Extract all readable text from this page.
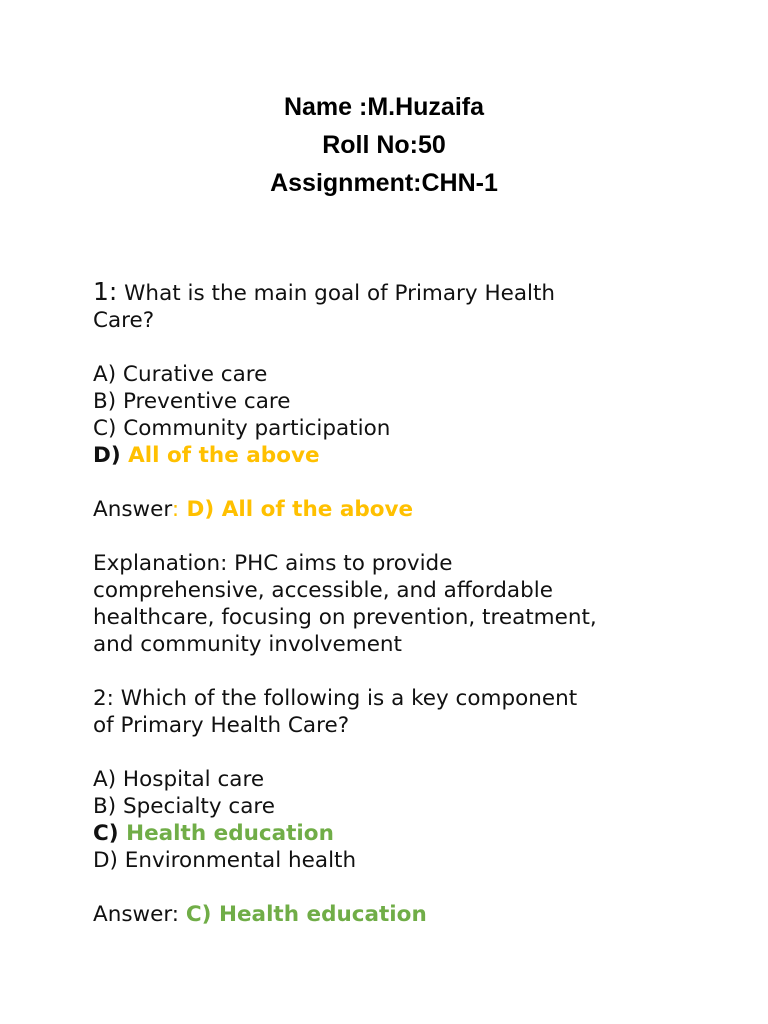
Name :M.Huzaifa
Roll No:50
Assignment:CHN-1

1: What is the main goal of Primary Health

Care?

A) Curative care

B) Preventive care

C) Community participation

D) All of the above

Answer: D) All of the above

Explanation: PHC aims to provide

comprehensive, accessible, and affordable

healthcare, focusing on prevention, treatment,

and community involvement

2: Which of the following is a key component

of Primary Health Care?

A) Hospital care

B) Specialty care

C) Health education

D) Environmental health

Answer: C) Health education
